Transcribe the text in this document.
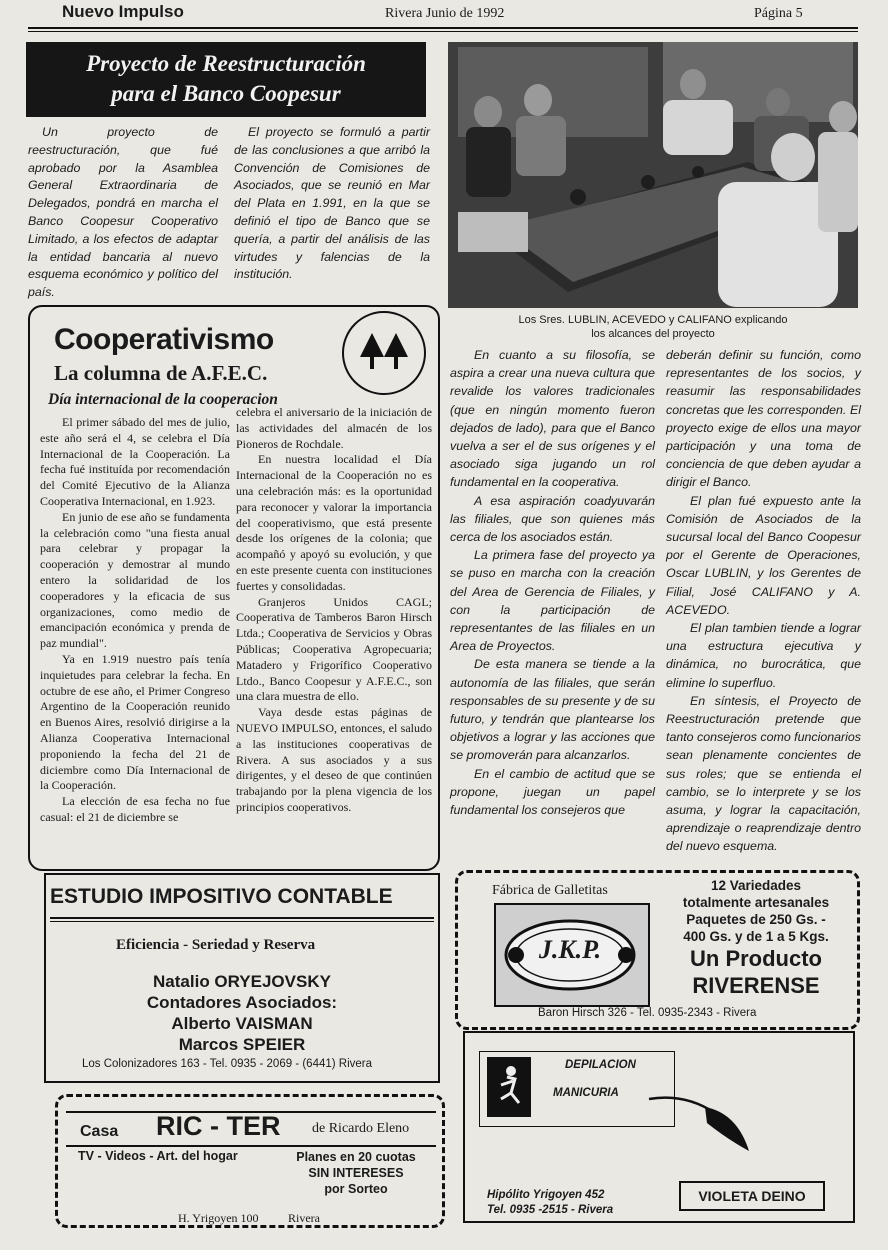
Nuevo Impulso	Rivera Junio de 1992	Página 5
Proyecto de Reestructuración
para el Banco Coopesur
Un proyecto de reestructuración, que fué aprobado por la Asamblea General Extraordinaria de Delegados, pondrá en marcha el Banco Coopesur Cooperativo Limitado, a los efectos de adaptar la entidad bancaria al nuevo esquema económico y político del país.
El proyecto se formuló a partir de las conclusiones a que arribó la Convención de Comisiones de Asociados, que se reunió en Mar del Plata en 1.991, en la que se definió el tipo de Banco que se quería, a partir del análisis de las virtudes y falencias de la institución.
Los Sres. LUBLIN, ACEVEDO y CALIFANO explicando
los alcances del proyecto

En cuanto a su filosofía, se aspira a crear una nueva cultura que revalide los valores tradicionales (que en ningún momento fueron dejados de lado), para que el Banco vuelva a ser el de sus orígenes y el asociado siga jugando un rol fundamental en la cooperativa.

A esa aspiración coadyuvarán las filiales, que son quienes más cerca de los asociados están.

La primera fase del proyecto ya se puso en marcha con la creación del Area de Gerencia de Filiales, y con la participación de representantes de las filiales en un Area de Proyectos.

De esta manera se tiende a la autonomía de las filiales, que serán responsables de su presente y de su futuro, y tendrán que plantearse los objetivos a lograr y las acciones que se promoverán para alcanzarlos.

En el cambio de actitud que se propone, juegan un papel fundamental los consejeros que

deberán definir su función, como representantes de los socios, y reasumir las responsabilidades concretas que les corresponden. El proyecto exige de ellos una mayor participación y una toma de conciencia de que deben ayudar a dirigir el Banco.

El plan fué expuesto ante la Comisión de Asociados de la sucursal local del Banco Coopesur por el Gerente de Operaciones, Oscar LUBLIN, y los Gerentes de Filial, José CALIFANO y A. ACEVEDO.

El plan tambien tiende a lograr una estructura ejecutiva y dinámica, no burocrática, que elimine lo superfluo.

En síntesis, el Proyecto de Reestructuración pretende que tanto consejeros como funcionarios sean plenamente concientes de sus roles; que se entienda el cambio, se lo interprete y se los asuma, y lograr la capacitación, aprendizaje o reaprendizaje dentro del nuevo esquema.

Cooperativismo
La columna de A.F.E.C.
Día internacional de la cooperacion

El primer sábado del mes de julio, este año será el 4, se celebra el Día Internacional de la Cooperación. La fecha fué instituída por recomendación del Comité Ejecutivo de la Alianza Cooperativa Internacional, en 1.923.

En junio de ese año se fundamenta la celebración como "una fiesta anual para celebrar y propagar la cooperación y demostrar al mundo entero la solidaridad de los cooperadores y la eficacia de sus organizaciones, como medio de emancipación económica y prenda de paz mundial".

Ya en 1.919 nuestro país tenía inquietudes para celebrar la fecha. En octubre de ese año, el Primer Congreso Argentino de la Cooperación reunido en Buenos Aires, resolvió dirigirse a la Alianza Cooperativa Internacional proponiendo la fecha del 21 de diciembre como Día Internacional de la Cooperación.

La elección de esa fecha no fue casual: el 21 de diciembre se

celebra el aniversario de la iniciación de las actividades del almacén de los Pioneros de Rochdale.

En nuestra localidad el Día Internacional de la Cooperación no es una celebración más: es la oportunidad para reconocer y valorar la importancia del cooperativismo, que está presente desde los orígenes de la colonia; que acompañó y apoyó su evolución, y que en este presente cuenta con instituciones fuertes y consolidadas.

Granjeros Unidos CAGL; Cooperativa de Tamberos Baron Hirsch Ltda.; Cooperativa de Servicios y Obras Públicas; Cooperativa Agropecuaria; Matadero y Frigorífico Cooperativo Ltdo., Banco Coopesur y A.F.E.C., son una clara muestra de ello.

Vaya desde estas páginas de NUEVO IMPULSO, entonces, el saludo a las instituciones cooperativas de Rivera. A sus asociados y a sus dirigentes, y el deseo de que continúen trabajando por la plena vigencia de los principios cooperativos.

ESTUDIO IMPOSITIVO CONTABLE
Eficiencia - Seriedad y Reserva
Natalio ORYEJOVSKY
Contadores Asociados:
Alberto VAISMAN
Marcos SPEIER
Los Colonizadores 163 - Tel. 0935 - 2069 - (6441) Rivera
Fábrica de Galletitas
J.K.P.
12 Variedades
totalmente artesanales
Paquetes de 250 Gs. -
400 Gs. y de 1 a 5 Kgs.
Un Producto
RIVERENSE
Baron Hirsch 326 - Tel. 0935-2343 - Rivera
Casa RIC - TER de Ricardo Eleno
TV - Videos - Art. del hogar	Planes en 20 cuotas
SIN INTERESES
por Sorteo
H. Yrigoyen 100 Rivera
DEPILACION
MANICURIA
Hipólito Yrigoyen 452
Tel. 0935 -2515 - Rivera
VIOLETA DEINO
